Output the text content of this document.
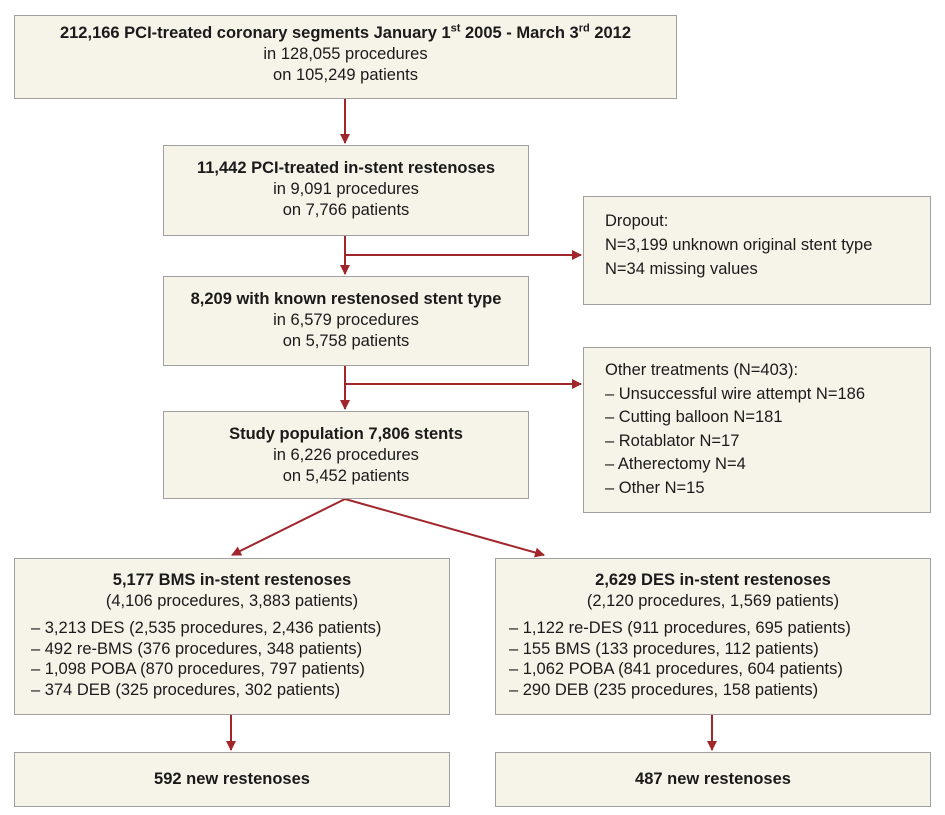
212,166 PCI-treated coronary segments January 1st 2005 - March 3rd 2012
in 128,055 procedures
on 105,249 patients
11,442 PCI-treated in-stent restenoses
in 9,091 procedures
on 7,766 patients
Dropout:
N=3,199 unknown original stent type
N=34 missing values
8,209 with known restenosed stent type
in 6,579 procedures
on 5,758 patients
Other treatments (N=403):
– Unsuccessful wire attempt N=186
– Cutting balloon N=181
– Rotablator N=17
– Atherectomy N=4
– Other N=15
Study population 7,806 stents
in 6,226 procedures
on 5,452 patients
5,177 BMS in-stent restenoses
(4,106 procedures, 3,883 patients)
– 3,213 DES (2,535 procedures, 2,436 patients)
– 492 re-BMS (376 procedures, 348 patients)
– 1,098 POBA (870 procedures, 797 patients)
– 374 DEB (325 procedures, 302 patients)
2,629 DES in-stent restenoses
(2,120 procedures, 1,569 patients)
– 1,122 re-DES (911 procedures, 695 patients)
– 155 BMS (133 procedures, 112 patients)
– 1,062 POBA (841 procedures, 604 patients)
– 290 DEB (235 procedures, 158 patients)
592 new restenoses	487 new restenoses
